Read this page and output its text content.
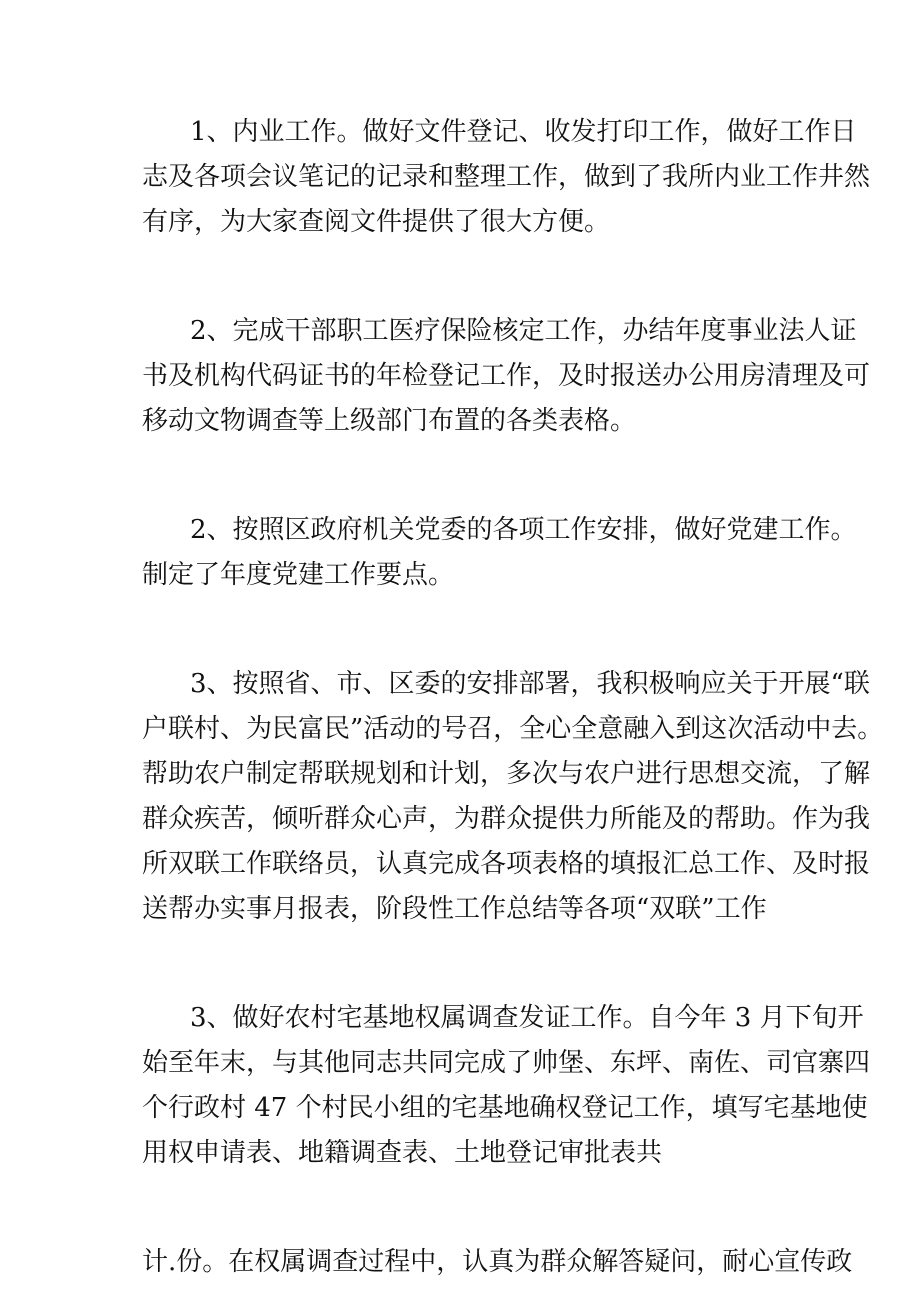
1、内业工作。做好文件登记、收发打印工作，做好工作日
志及各项会议笔记的记录和整理工作，做到了我所内业工作井然
有序，为大家查阅文件提供了很大方便。
2、完成干部职工医疗保险核定工作，办结年度事业法人证
书及机构代码证书的年检登记工作，及时报送办公用房清理及可
移动文物调查等上级部门布置的各类表格。
2、按照区政府机关党委的各项工作安排，做好党建工作。
制定了年度党建工作要点。
3、按照省、市、区委的安排部署，我积极响应关于开展“联
户联村、为民富民”活动的号召，全心全意融入到这次活动中去。
帮助农户制定帮联规划和计划，多次与农户进行思想交流，了解
群众疾苦，倾听群众心声，为群众提供力所能及的帮助。作为我
所双联工作联络员，认真完成各项表格的填报汇总工作、及时报
送帮办实事月报表，阶段性工作总结等各项“双联”工作
3、做好农村宅基地权属调查发证工作。自今年 3 月下旬开
始至年末，与其他同志共同完成了帅堡、东坪、南佐、司官寨四
个行政村 47 个村民小组的宅基地确权登记工作，填写宅基地使
用权申请表、地籍调查表、土地登记审批表共
计.份。在权属调查过程中，认真为群众解答疑问，耐心宣传政
